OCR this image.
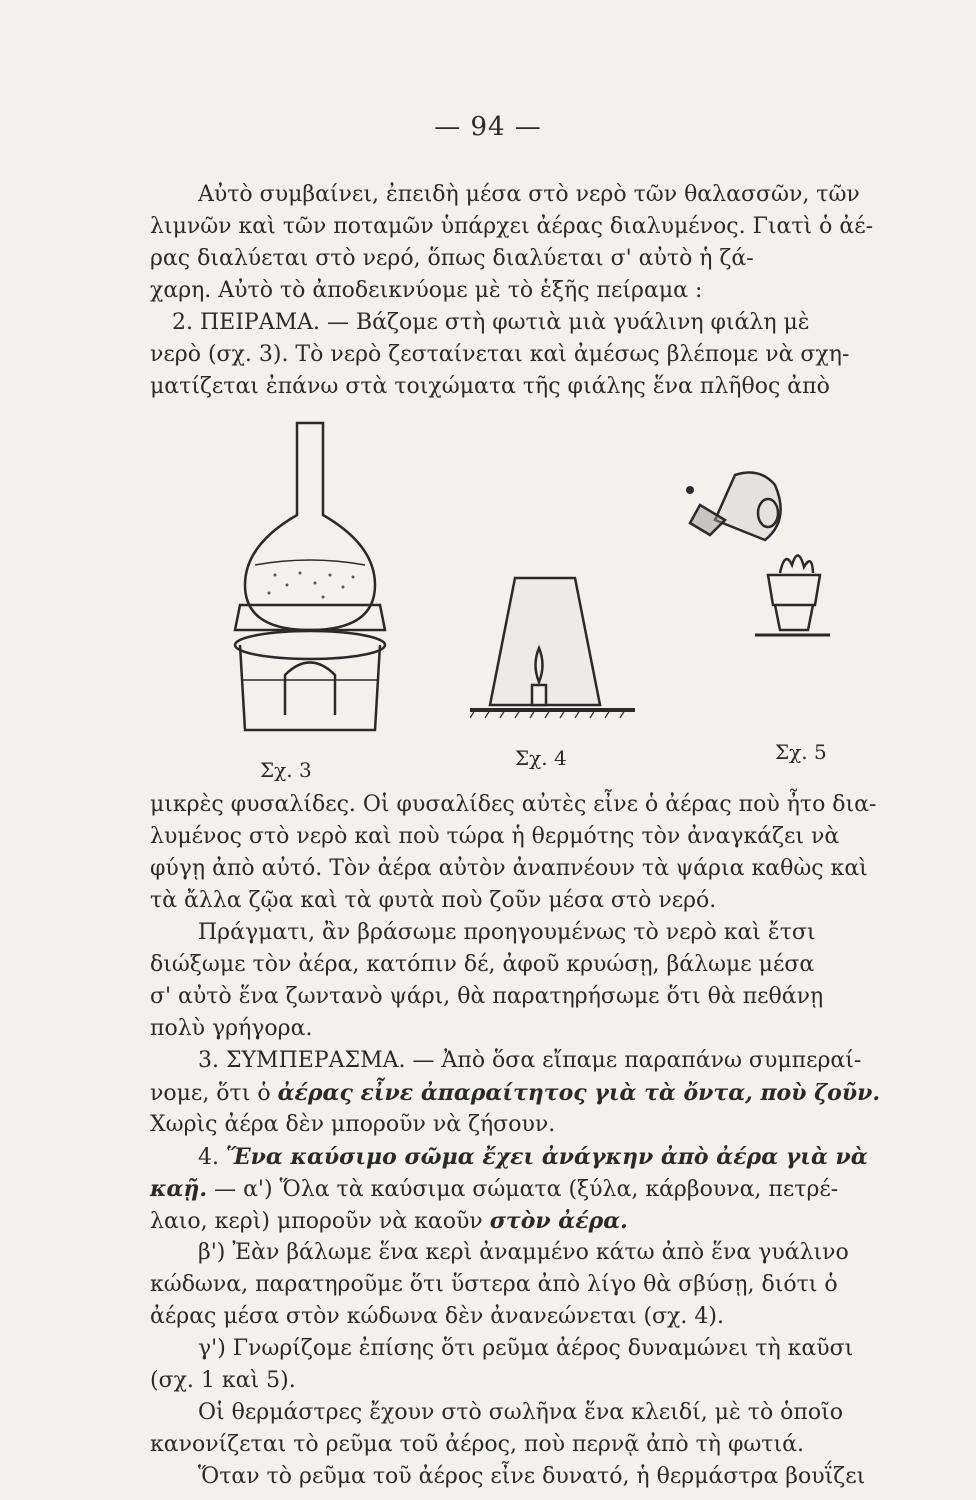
— 94 —
Αὐτὸ συμβαίνει, ἐπειδὴ μέσα στὸ νερὸ τῶν θαλασσῶν, τῶν
λιμνῶν καὶ τῶν ποταμῶν ὑπάρχει ἀέρας διαλυμένος. Γιατὶ ὁ ἀέ-
ρας διαλύεται στὸ νερό, ὅπως διαλύεται σ' αὐτὸ ἡ ζά-
χαρη. Αὐτὸ τὸ ἀποδεικνύομε μὲ τὸ ἑξῆς πείραμα :
2. ΠΕΙΡΑΜΑ. — Βάζομε στὴ φωτιὰ μιὰ γυάλινη φιάλη μὲ
νερὸ (σχ. 3). Τὸ νερὸ ζεσταίνεται καὶ ἀμέσως βλέπομε νὰ σχη-
ματίζεται ἐπάνω στὰ τοιχώματα τῆς φιάλης ἕνα πλῆθος ἀπὸ
Σχ. 3	Σχ. 4	Σχ. 5
μικρὲς φυσαλίδες. Οἱ φυσαλίδες αὐτὲς εἶνε ὁ ἀέρας ποὺ ἦτο δια-
λυμένος στὸ νερὸ καὶ ποὺ τώρα ἡ θερμότης τὸν ἀναγκάζει νὰ
φύγῃ ἀπὸ αὐτό. Τὸν ἀέρα αὐτὸν ἀναπνέουν τὰ ψάρια καθὼς καὶ
τὰ ἄλλα ζῷα καὶ τὰ φυτὰ ποὺ ζοῦν μέσα στὸ νερό.
Πράγματι, ἂν βράσωμε προηγουμένως τὸ νερὸ καὶ ἔτσι
διώξωμε τὸν ἀέρα, κατόπιν δέ, ἀφοῦ κρυώσῃ, βάλωμε μέσα
σ' αὐτὸ ἕνα ζωντανὸ ψάρι, θὰ παρατηρήσωμε ὅτι θὰ πεθάνῃ
πολὺ γρήγορα.
3. ΣΥΜΠΕΡΑΣΜΑ. — Ἀπὸ ὅσα εἴπαμε παραπάνω συμπεραί-
νομε, ὅτι ὁ ἀέρας εἶνε ἀπαραίτητος γιὰ τὰ ὄντα, ποὺ ζοῦν.
Χωρὶς ἀέρα δὲν μποροῦν νὰ ζήσουν.
4. Ἕνα καύσιμο σῶμα ἔχει ἀνάγκην ἀπὸ ἀέρα γιὰ νὰ
καῇ. — α') Ὅλα τὰ καύσιμα σώματα (ξύλα, κάρβουνα, πετρέ-
λαιο, κερὶ) μποροῦν νὰ καοῦν στὸν ἀέρα.
β') Ἐὰν βάλωμε ἕνα κερὶ ἀναμμένο κάτω ἀπὸ ἕνα γυάλινο
κώδωνα, παρατηροῦμε ὅτι ὕστερα ἀπὸ λίγο θὰ σβύσῃ, διότι ὁ
ἀέρας μέσα στὸν κώδωνα δὲν ἀνανεώνεται (σχ. 4).
γ') Γνωρίζομε ἐπίσης ὅτι ρεῦμα ἀέρος δυναμώνει τὴ καῦσι
(σχ. 1 καὶ 5).
Οἱ θερμάστρες ἔχουν στὸ σωλῆνα ἕνα κλειδί, μὲ τὸ ὁποῖο
κανονίζεται τὸ ρεῦμα τοῦ ἀέρος, ποὺ περνᾷ ἀπὸ τὴ φωτιά.
Ὅταν τὸ ρεῦμα τοῦ ἀέρος εἶνε δυνατό, ἡ θερμάστρα βουΐζει
